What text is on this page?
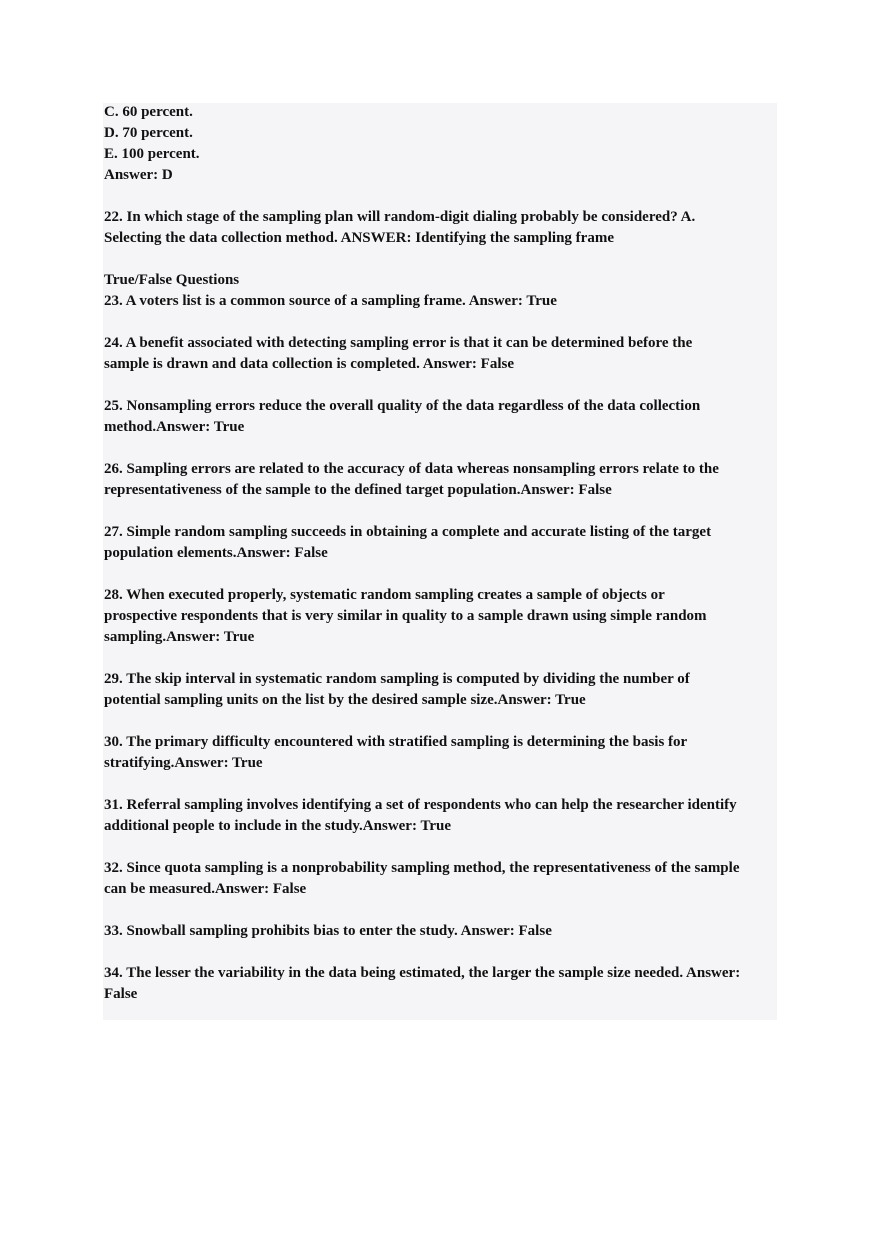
C. 60 percent.
D. 70 percent.
E. 100 percent.
Answer: D
22. In which stage of the sampling plan will random-digit dialing probably be considered? A.
Selecting the data collection method. ANSWER: Identifying the sampling frame
True/False Questions
23. A voters list is a common source of a sampling frame. Answer: True
24. A benefit associated with detecting sampling error is that it can be determined before the
sample is drawn and data collection is completed. Answer: False
25. Nonsampling errors reduce the overall quality of the data regardless of the data collection
method.Answer: True
26. Sampling errors are related to the accuracy of data whereas nonsampling errors relate to the
representativeness of the sample to the defined target population.Answer: False
27. Simple random sampling succeeds in obtaining a complete and accurate listing of the target
population elements.Answer: False
28. When executed properly, systematic random sampling creates a sample of objects or
prospective respondents that is very similar in quality to a sample drawn using simple random
sampling.Answer: True
29. The skip interval in systematic random sampling is computed by dividing the number of
potential sampling units on the list by the desired sample size.Answer: True
30. The primary difficulty encountered with stratified sampling is determining the basis for
stratifying.Answer: True
31. Referral sampling involves identifying a set of respondents who can help the researcher identify
additional people to include in the study.Answer: True
32. Since quota sampling is a nonprobability sampling method, the representativeness of the sample
can be measured.Answer: False
33. Snowball sampling prohibits bias to enter the study. Answer: False
34. The lesser the variability in the data being estimated, the larger the sample size needed. Answer:
False
